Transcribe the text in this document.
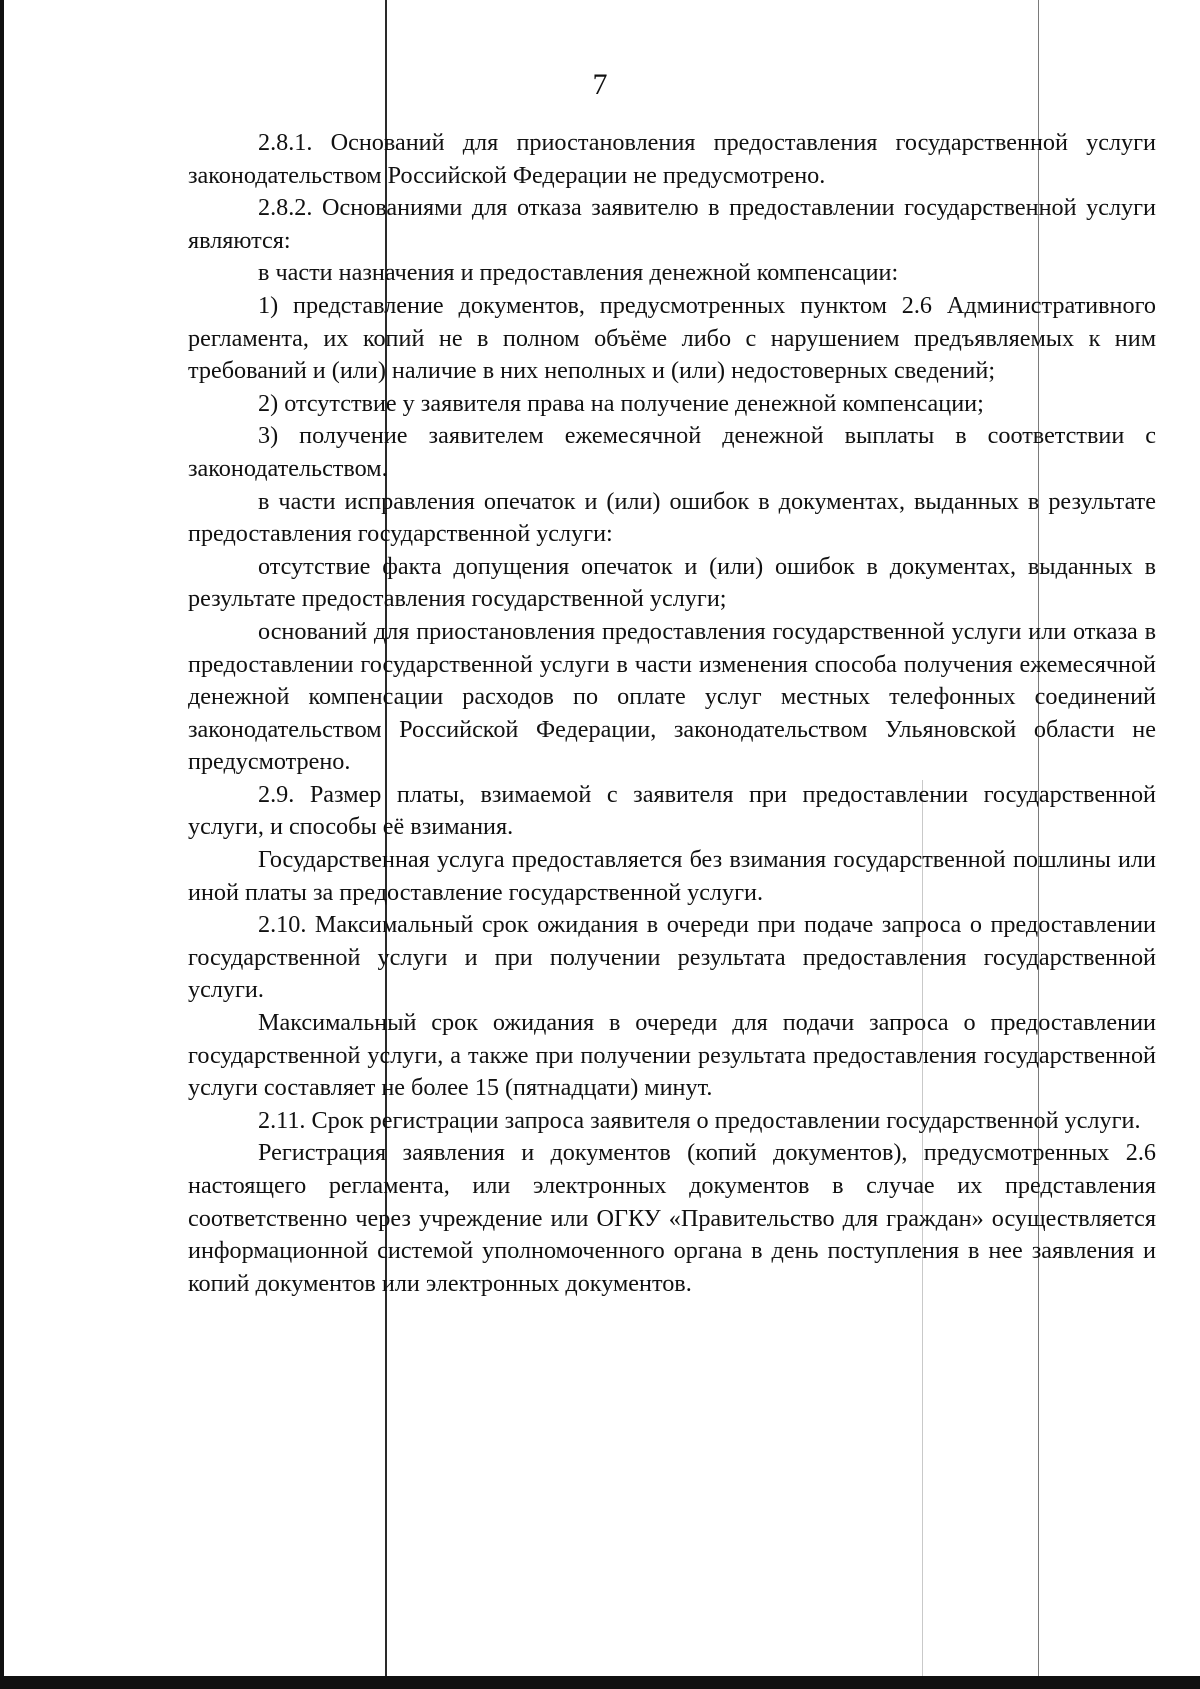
7

2.8.1. Оснований для приостановления предоставления государственной услуги законодательством Российской Федерации не предусмотрено.

2.8.2. Основаниями для отказа заявителю в предоставлении государственной услуги являются:

в части назначения и предоставления денежной компенсации:

1) представление документов, предусмотренных пунктом 2.6 Административного регламента, их копий не в полном объёме либо с нарушением предъявляемых к ним требований и (или) наличие в них неполных и (или) недостоверных сведений;

2) отсутствие у заявителя права на получение денежной компенсации;

3) получение заявителем ежемесячной денежной выплаты в соответствии с законодательством.

в части исправления опечаток и (или) ошибок в документах, выданных в результате предоставления государственной услуги:

отсутствие факта допущения опечаток и (или) ошибок в документах, выданных в результате предоставления государственной услуги;

оснований для приостановления предоставления государственной услуги или отказа в предоставлении государственной услуги в части изменения способа получения ежемесячной денежной компенсации расходов по оплате услуг местных телефонных соединений законодательством Российской Федерации, законодательством Ульяновской области не предусмотрено.

2.9. Размер платы, взимаемой с заявителя при предоставлении государственной услуги, и способы её взимания.

Государственная услуга предоставляется без взимания государственной пошлины или иной платы за предоставление государственной услуги.

2.10. Максимальный срок ожидания в очереди при подаче запроса о предоставлении государственной услуги и при получении результата предоставления государственной услуги.

Максимальный срок ожидания в очереди для подачи запроса о предоставлении государственной услуги, а также при получении результата предоставления государственной услуги составляет не более 15 (пятнадцати) минут.

2.11. Срок регистрации запроса заявителя о предоставлении государственной услуги.

Регистрация заявления и документов (копий документов), предусмотренных 2.6 настоящего регламента, или электронных документов в случае их представления соответственно через учреждение или ОГКУ «Правительство для граждан» осуществляется информационной системой уполномоченного органа в день поступления в нее заявления и копий документов или электронных документов.
